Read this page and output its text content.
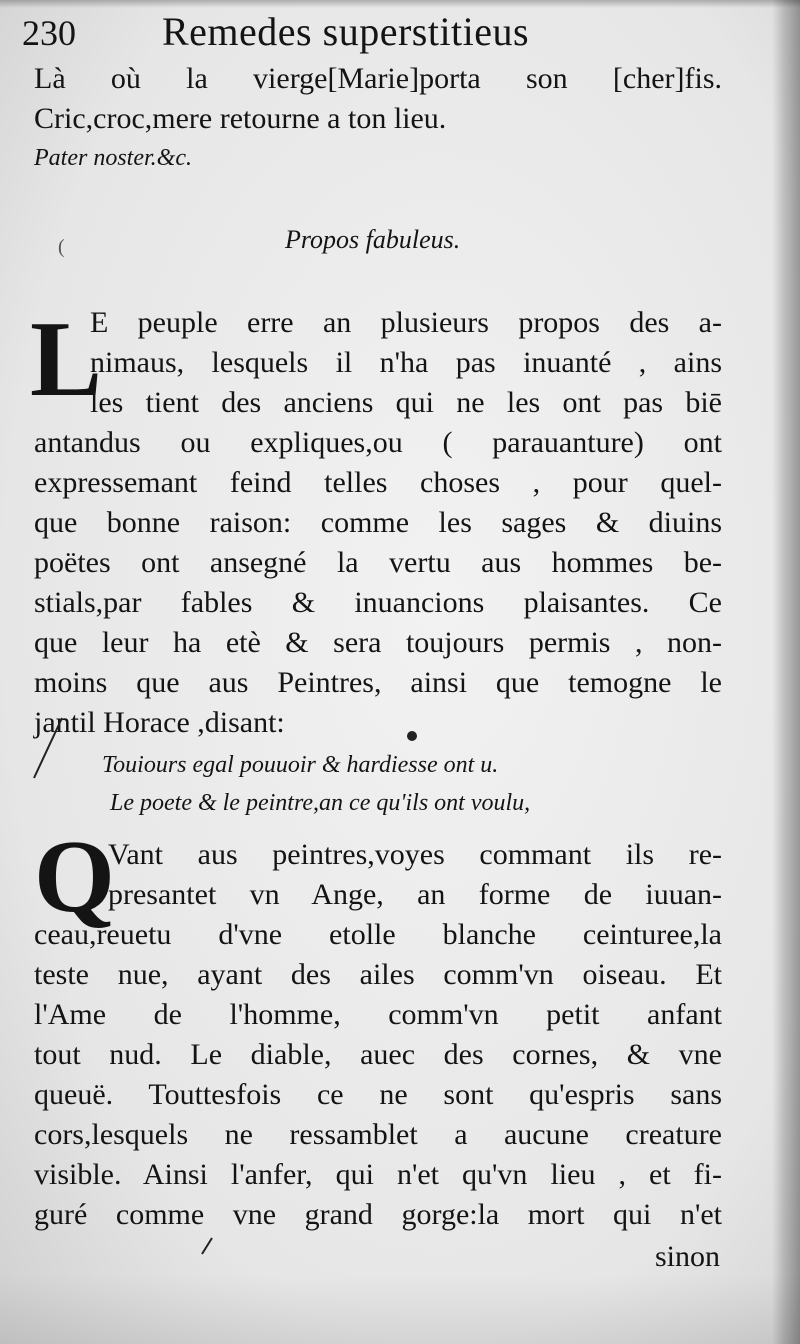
230 Remedes superstitieus
Là où la vierge[Marie]porta son [cher]fis.
Cric,croc,mere retourne a ton lieu.
Pater noster.&c.
(	Propos fabuleus.
L
E peuple erre an plusieurs propos des a-
nimaus, lesquels il n'ha pas inuanté , ains
les tient des anciens qui ne les ont pas biē
antandus ou expliques,ou ( parauanture) ont
expressemant feind telles choses , pour quel-
que bonne raison: comme les sages & diuins
poëtes ont ansegné la vertu aus hommes be-
stials,par fables & inuancions plaisantes. Ce
que leur ha etè & sera toujours permis , non-
moins que aus Peintres, ainsi que temogne le
jantil Horace ,disant:
Touiours egal pouuoir & hardiesse ont u.
Le poete & le peintre,an ce qu'ils ont voulu,
Q
Vant aus peintres,voyes commant ils re-
presantet vn Ange, an forme de iuuan-
ceau,reuetu d'vne etolle blanche ceinturee,la
teste nue, ayant des ailes comm'vn oiseau. Et
l'Ame de l'homme, comm'vn petit anfant
tout nud. Le diable, auec des cornes, & vne
queuë. Touttesfois ce ne sont qu'espris sans
cors,lesquels ne ressamblet a aucune creature
visible. Ainsi l'anfer, qui n'et qu'vn lieu , et fi-
guré comme vne grand gorge:la mort qui n'et
sinon
